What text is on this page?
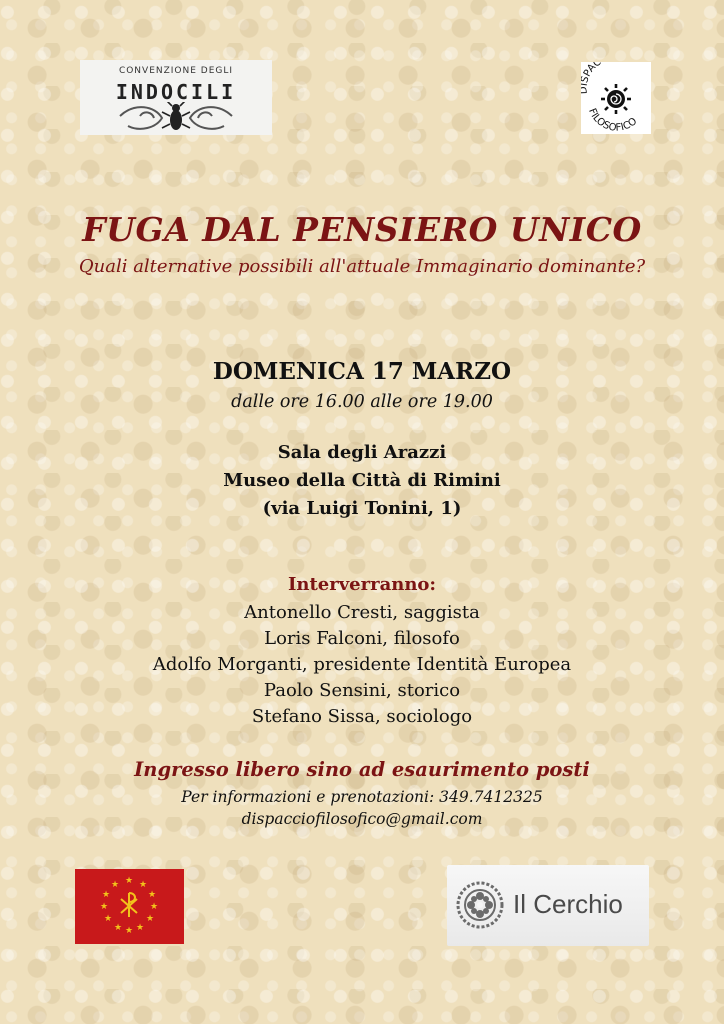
CONVENZIONE DEGLI
INDOCILI
PAC
FILOSOFICO
FUGA DAL PENSIERO UNICO
Quali alternative possibili all'attuale Immaginario dominante?
DOMENICA 17 MARZO
dalle ore 16.00 alle ore 19.00
Sala degli Arazzi
Museo della Città di Rimini
(via Luigi Tonini, 1)
Interverranno:
Antonello Cresti, saggista
Loris Falconi, filosofo
Adolfo Morganti, presidente Identità Europea
Paolo Sensini, storico
Stefano Sissa, sociologo
Ingresso libero sino ad esaurimento posti
Per informazioni e prenotazioni: 349.7412325
dispacciofilosofico@gmail.com
★ ★
★
★
★
★
★
★
★
★
★
★
Il Cerchio
